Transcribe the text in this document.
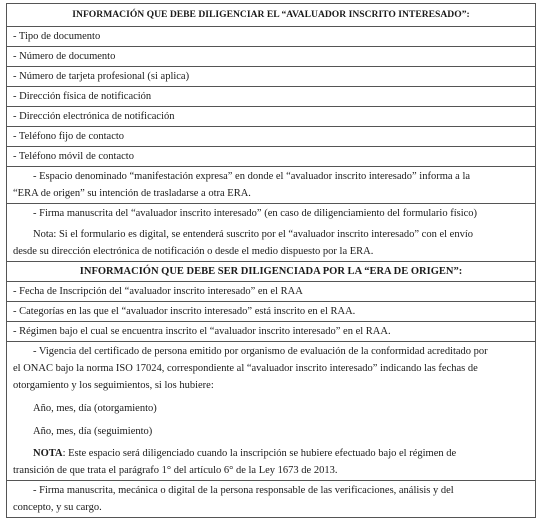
INFORMACIÓN QUE DEBE DILIGENCIAR EL “AVALUADOR INSCRITO INTERESADO”:
- Tipo de documento
- Número de documento
- Número de tarjeta profesional (si aplica)
- Dirección física de notificación
- Dirección electrónica de notificación
- Teléfono fijo de contacto
- Teléfono móvil de contacto

- Espacio denominado “manifestación expresa” en donde el “avaluador inscrito interesado” informa a la
“ERA de origen” su intención de trasladarse a otra ERA.

- Firma manuscrita del “avaluador inscrito interesado” (en caso de diligenciamiento del formulario físico)
Nota: Si el formulario es digital, se entenderá suscrito por el “avaluador inscrito interesado” con el envío
desde su dirección electrónica de notificación o desde el medio dispuesto por la ERA.

INFORMACIÓN QUE DEBE SER DILIGENCIADA POR LA “ERA DE ORIGEN”:
- Fecha de Inscripción del “avaluador inscrito interesado” en el RAA
- Categorías en las que el “avaluador inscrito interesado” está inscrito en el RAA.
- Régimen bajo el cual se encuentra inscrito el “avaluador inscrito interesado” en el RAA.

- Vigencia del certificado de persona emitido por organismo de evaluación de la conformidad acreditado por
el ONAC bajo la norma ISO 17024, correspondiente al “avaluador inscrito interesado” indicando las fechas de
otorgamiento y los seguimientos, si los hubiere:
Año, mes, día (otorgamiento)
Año, mes, día (seguimiento)
NOTA: Este espacio será diligenciado cuando la inscripción se hubiere efectuado bajo el régimen de
transición de que trata el parágrafo 1° del artículo 6° de la Ley 1673 de 2013.

- Firma manuscrita, mecánica o digital de la persona responsable de las verificaciones, análisis y del
concepto, y su cargo.
